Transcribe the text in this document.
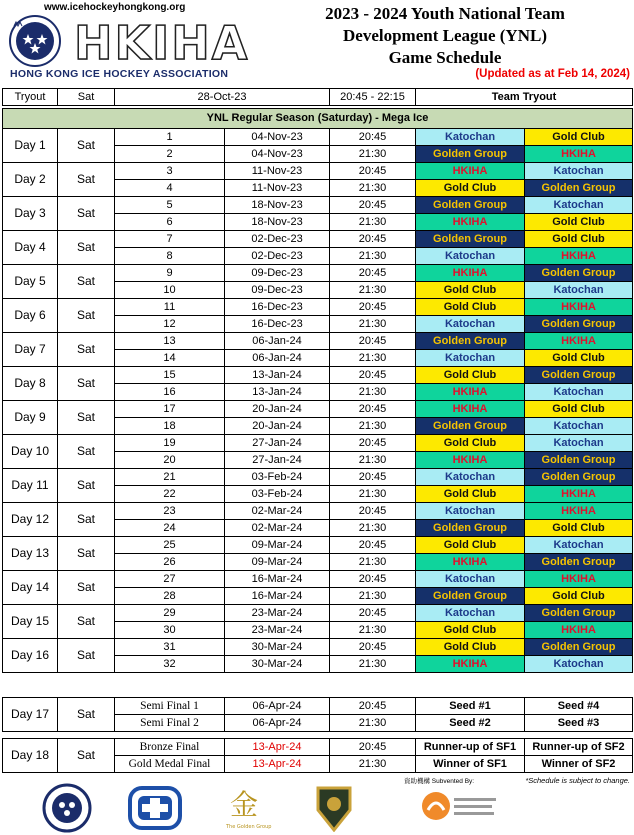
www.icehockeyhongkong.org
HKIHA
HONG KONG ICE HOCKEY ASSOCIATION
2023 - 2024 Youth National Team
Development League (YNL)
Game Schedule
(Updated as at Feb 14, 2024)
Tryout	Sat	28-Oct-23		20:45 - 22:15	Team Tryout	

YNL Regular Season (Saturday) - Mega Ice						
Day 1	Sat	1	04-Nov-23	20:45	Katochan	Gold Club
		2	04-Nov-23	21:30	Golden Group	HKIHA
Day 2	Sat	3	11-Nov-23	20:45	HKIHA	Katochan
		4	11-Nov-23	21:30	Gold Club	Golden Group
Day 3	Sat	5	18-Nov-23	20:45	Golden Group	Katochan
		6	18-Nov-23	21:30	HKIHA	Gold Club
Day 4	Sat	7	02-Dec-23	20:45	Golden Group	Gold Club
		8	02-Dec-23	21:30	Katochan	HKIHA
Day 5	Sat	9	09-Dec-23	20:45	HKIHA	Golden Group
		10	09-Dec-23	21:30	Gold Club	Katochan
Day 6	Sat	11	16-Dec-23	20:45	Gold Club	HKIHA
		12	16-Dec-23	21:30	Katochan	Golden Group
Day 7	Sat	13	06-Jan-24	20:45	Golden Group	HKIHA
		14	06-Jan-24	21:30	Katochan	Gold Club
Day 8	Sat	15	13-Jan-24	20:45	Gold Club	Golden Group
		16	13-Jan-24	21:30	HKIHA	Katochan
Day 9	Sat	17	20-Jan-24	20:45	HKIHA	Gold Club
		18	20-Jan-24	21:30	Golden Group	Katochan
Day 10	Sat	19	27-Jan-24	20:45	Gold Club	Katochan
		20	27-Jan-24	21:30	HKIHA	Golden Group
Day 11	Sat	21	03-Feb-24	20:45	Katochan	Golden Group
		22	03-Feb-24	21:30	Gold Club	HKIHA
Day 12	Sat	23	02-Mar-24	20:45	Katochan	HKIHA
		24	02-Mar-24	21:30	Golden Group	Gold Club
Day 13	Sat	25	09-Mar-24	20:45	Gold Club	Katochan
		26	09-Mar-24	21:30	HKIHA	Golden Group
Day 14	Sat	27	16-Mar-24	20:45	Katochan	HKIHA
		28	16-Mar-24	21:30	Golden Group	Gold Club
Day 15	Sat	29	23-Mar-24	20:45	Katochan	Golden Group
		30	23-Mar-24	21:30	Gold Club	HKIHA
Day 16	Sat	31	30-Mar-24	20:45	Gold Club	Golden Group
		32	30-Mar-24	21:30	HKIHA	Katochan
Day 17	Sat	Semi Final 1	06-Apr-24	20:45	Seed #1	Seed #4
		Semi Final 2	06-Apr-24	21:30	Seed #2	Seed #3

Day 18	Sat	Bronze Final	13-Apr-24	20:45	Runner-up of SF1	Runner-up of SF2
		Gold Medal Final	13-Apr-24	21:30	Winner of SF1	Winner of SF2
資助機構 Subvented By:	*Schedule is subject to change.
金
The Golden Group
